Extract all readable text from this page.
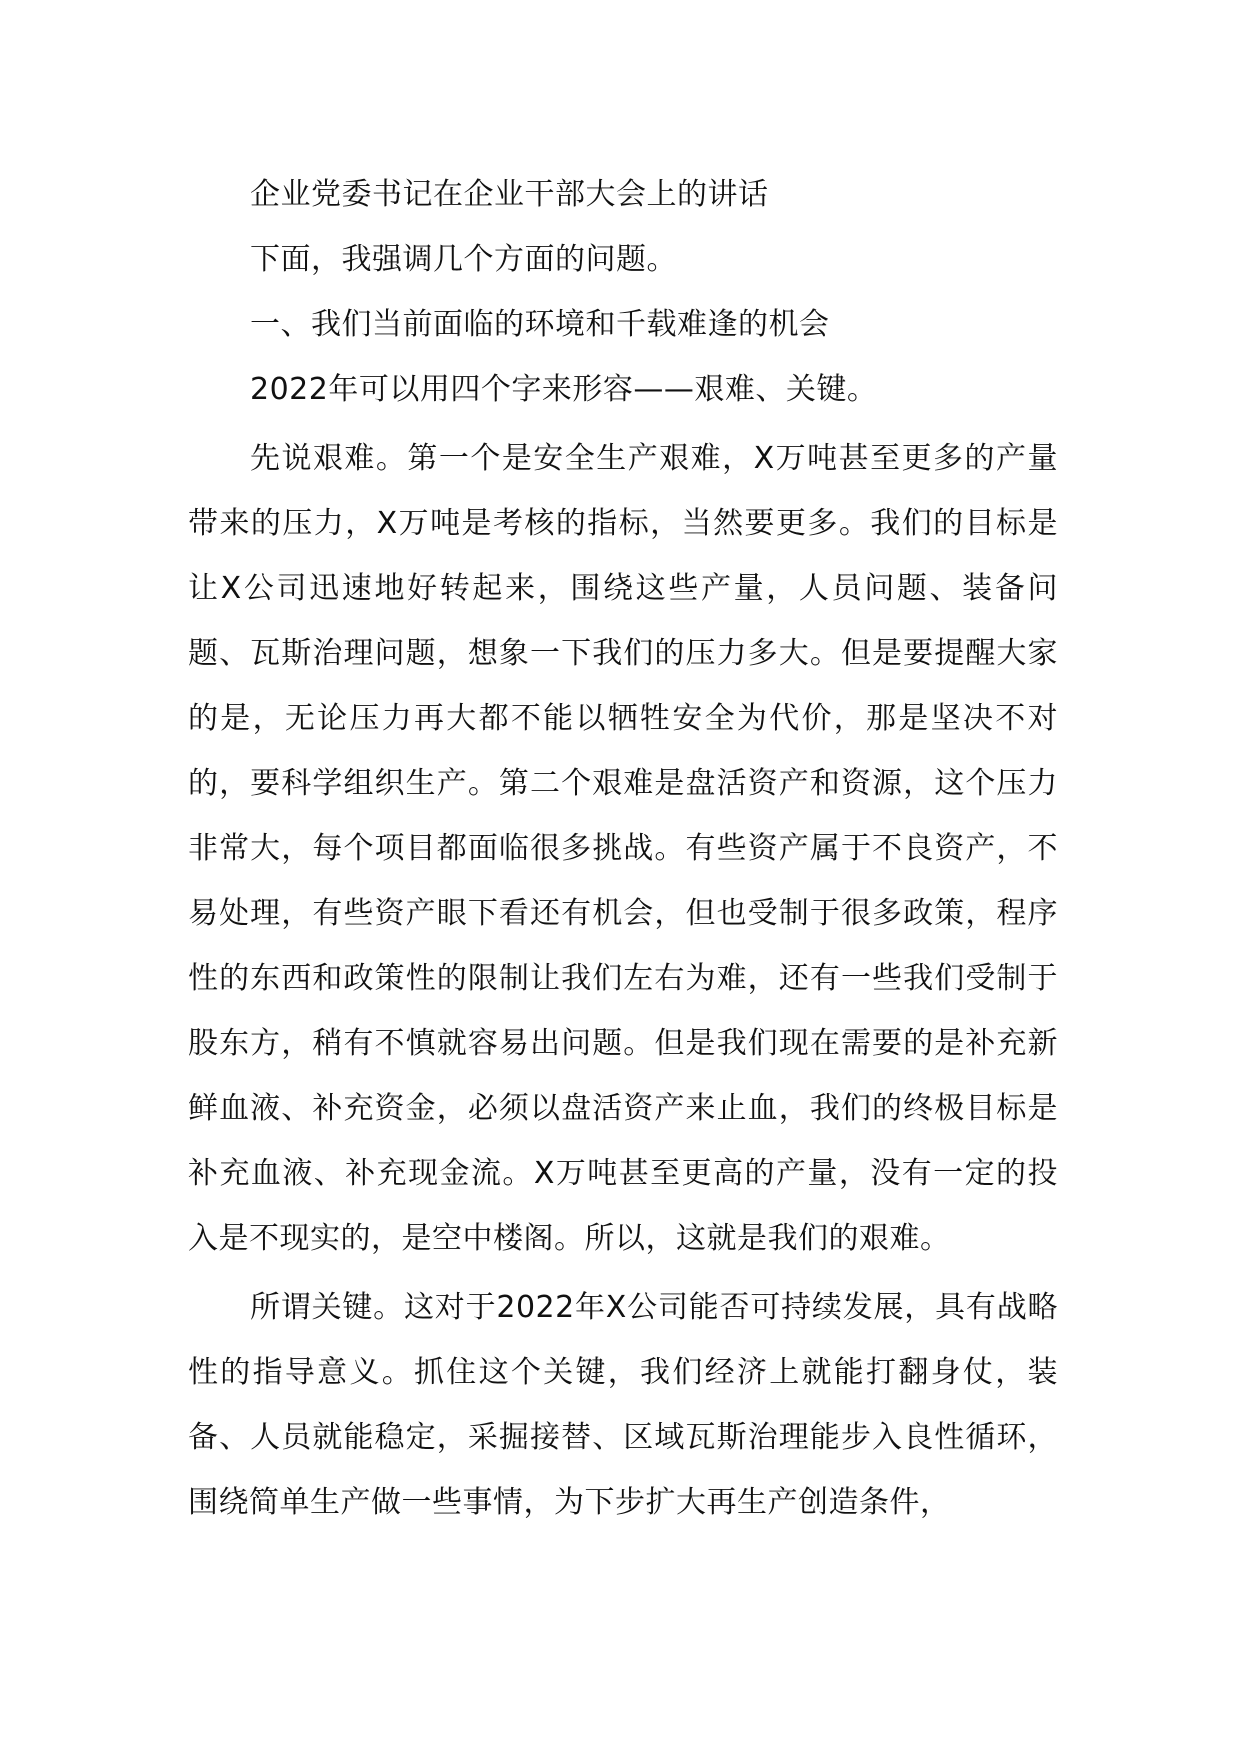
企业党委书记在企业干部大会上的讲话

下面，我强调几个方面的问题。

一、我们当前面临的环境和千载难逢的机会

2022年可以用四个字来形容——艰难、关键。

先说艰难。第一个是安全生产艰难，X万吨甚至更多的产量带来的压力，X万吨是考核的指标，当然要更多。我们的目标是让X公司迅速地好转起来，围绕这些产量，人员问题、装备问题、瓦斯治理问题，想象一下我们的压力多大。但是要提醒大家的是，无论压力再大都不能以牺牲安全为代价，那是坚决不对的，要科学组织生产。第二个艰难是盘活资产和资源，这个压力非常大，每个项目都面临很多挑战。有些资产属于不良资产，不易处理，有些资产眼下看还有机会，但也受制于很多政策，程序性的东西和政策性的限制让我们左右为难，还有一些我们受制于股东方，稍有不慎就容易出问题。但是我们现在需要的是补充新鲜血液、补充资金，必须以盘活资产来止血，我们的终极目标是补充血液、补充现金流。X万吨甚至更高的产量，没有一定的投入是不现实的，是空中楼阁。所以，这就是我们的艰难。

所谓关键。这对于2022年X公司能否可持续发展，具有战略性的指导意义。抓住这个关键，我们经济上就能打翻身仗，装备、人员就能稳定，采掘接替、区域瓦斯治理能步入良性循环，围绕简单生产做一些事情，为下步扩大再生产创造条件，
